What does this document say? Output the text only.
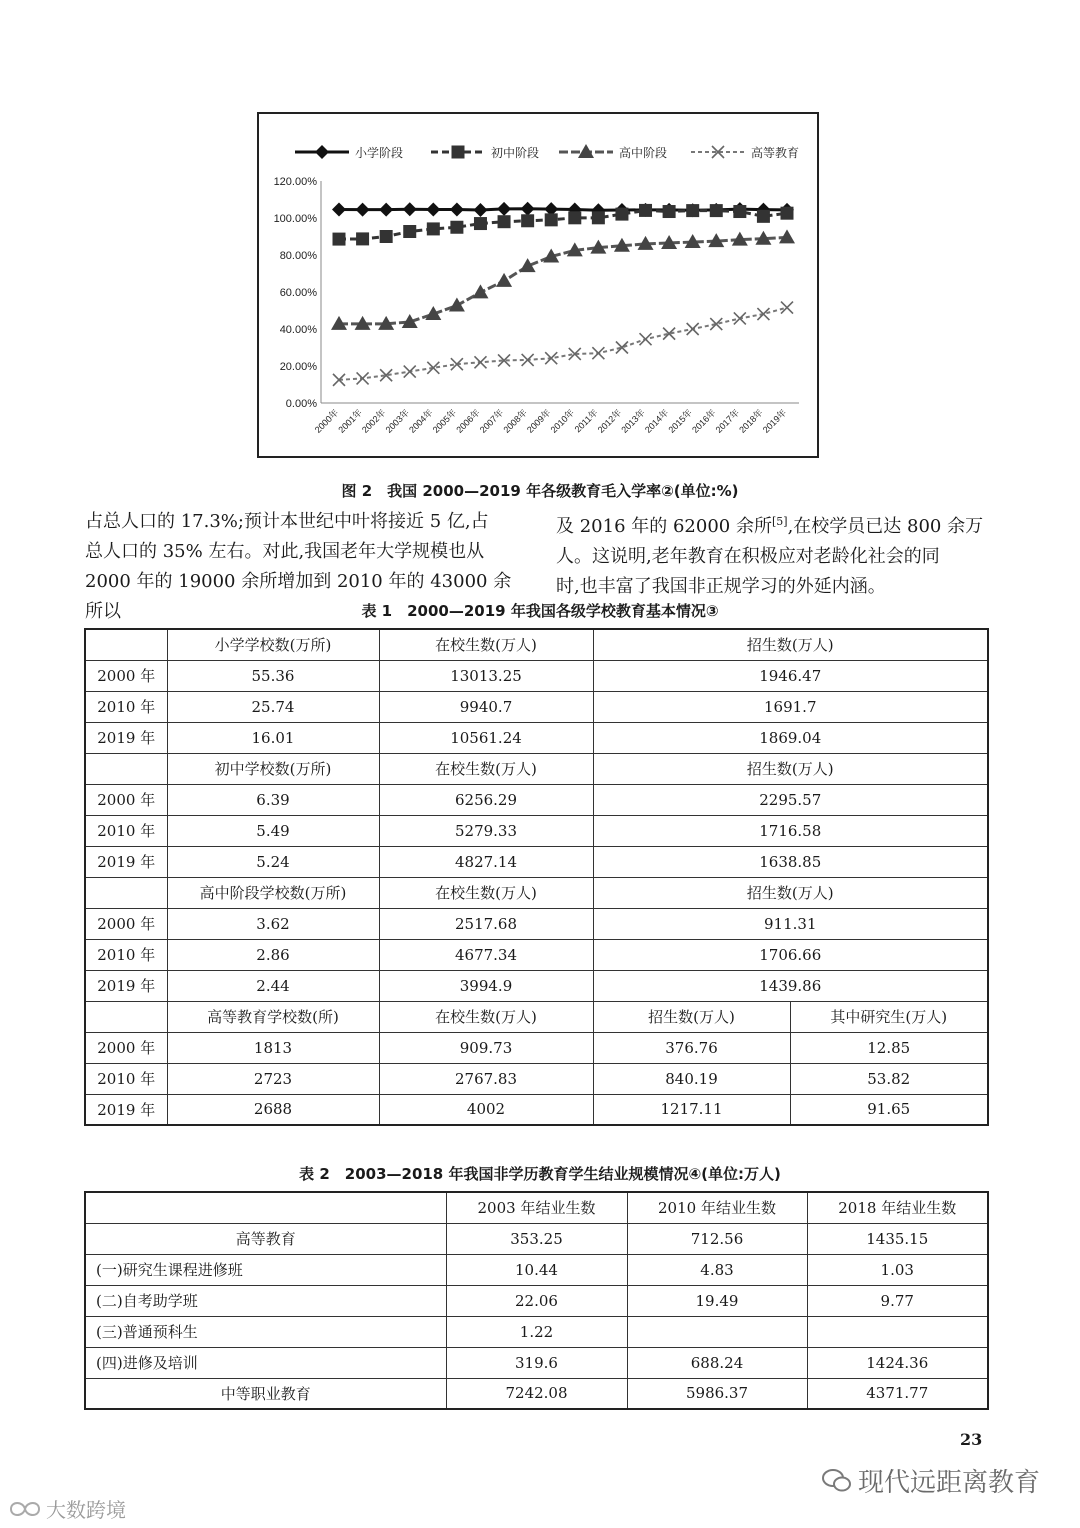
0.00%
20.00%
40.00%
60.00%
80.00%
100.00%
120.00%
2000年
2001年
2002年
2003年
2004年
2005年
2006年
2007年
2008年
2009年
2010年
2011年
2012年
2013年
2014年
2015年
2016年
2017年
2018年
2019年
小学阶段	初中阶段	高中阶段	高等教育
图 2　我国 2000—2019 年各级教育毛入学率②(单位:%)
占总人口的 17.3%;预计本世纪中叶将接近 5 亿,占
总人口的 35% 左右。对此,我国老年大学规模也从
2000 年的 19000 余所增加到 2010 年的 43000 余所以
及 2016 年的 62000 余所[5],在校学员已达 800 余万
人。这说明,老年教育在积极应对老龄化社会的同
时,也丰富了我国非正规学习的外延内涵。
表 1　2000—2019 年我国各级学校教育基本情况③
	小学学校数(万所)	在校生数(万人)	招生数(万人)	
2000 年	55.36	13013.25	1946.47	
2010 年	25.74	9940.7	1691.7	
2019 年	16.01	10561.24	1869.04	
	初中学校数(万所)	在校生数(万人)	招生数(万人)	
2000 年	6.39	6256.29	2295.57	
2010 年	5.49	5279.33	1716.58	
2019 年	5.24	4827.14	1638.85	
	高中阶段学校数(万所)	在校生数(万人)	招生数(万人)	
2000 年	3.62	2517.68	911.31	
2010 年	2.86	4677.34	1706.66	
2019 年	2.44	3994.9	1439.86	
	高等教育学校数(所)	在校生数(万人)	招生数(万人)	其中研究生(万人)
2000 年	1813	909.73	376.76	12.85
2010 年	2723	2767.83	840.19	53.82
2019 年	2688	4002	1217.11	91.65
表 2　2003—2018 年我国非学历教育学生结业规模情况④(单位:万人)
	2003 年结业生数	2010 年结业生数	2018 年结业生数
高等教育	353.25	712.56	1435.15
(一)研究生课程进修班	10.44	4.83	1.03
(二)自考助学班	22.06	19.49	9.77
(三)普通预科生	1.22		
(四)进修及培训	319.6	688.24	1424.36
中等职业教育	7242.08	5986.37	4371.77
23
现代远距离教育
大数跨境
